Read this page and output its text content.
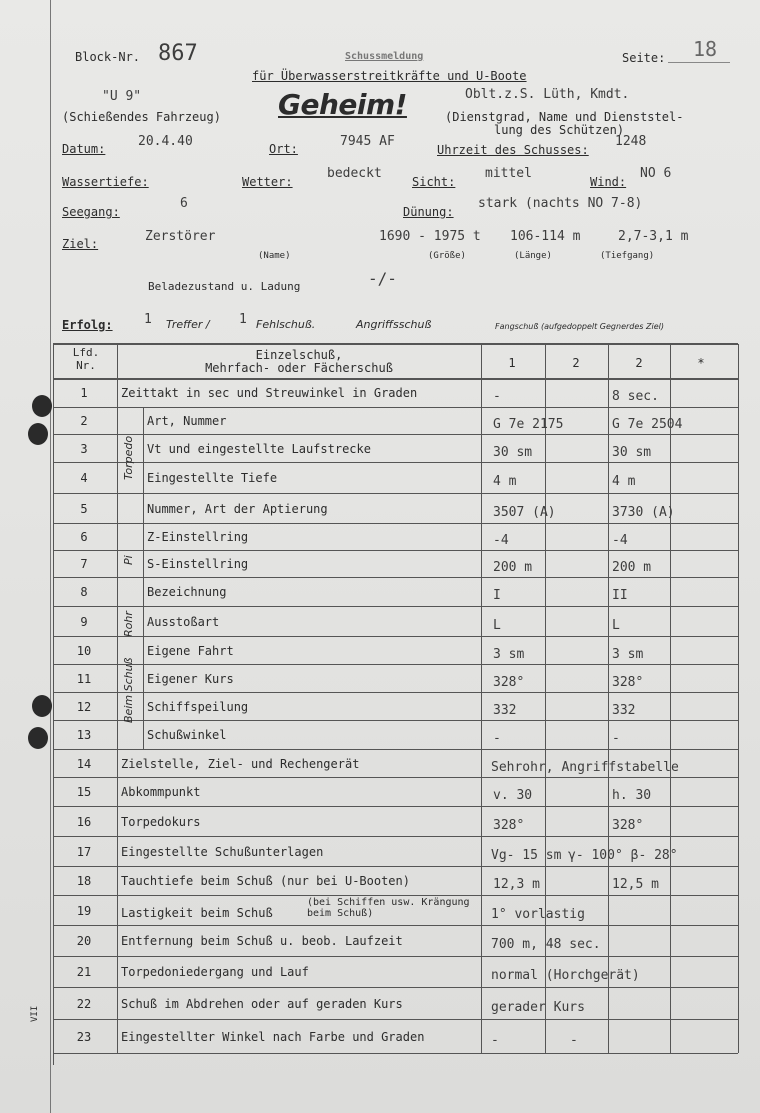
VII
Block-Nr. 867	Schussmeldung
für Überwasserstreitkräfte und U-Boote
Seite: 18
"U 9"
(Schießendes Fahrzeug) Geheim!	Oblt.z.S. Lüth, Kmdt.
(Dienstgrad, Name und Dienststel-
lung des Schützen)
Datum:	20.4.40	Ort:	7945 AF
Uhrzeit des Schusses:
1248
Wassertiefe:	Wetter:
bedeckt
Sicht:
mittel
Wind:
NO 6
Seegang:
6
Dünung:
stark (nachts NO 7-8)
Ziel:	Zerstörer	1690 - 1975 t 106-114 m	2,7-3,1 m
(Name)	(Größe)	(Länge)	(Tiefgang)
Beladezustand u. Ladung	-/-
Erfolg: 1 Treffer / 1 Fehlschuß.	Angriffsschuß	Fangschuß (aufgedoppelt Gegnerdes Ziel)
Lfd. Nr.
Einzelschuß,
Mehrfach- oder Fächerschuß	1	2	2	*
1	Zeittakt in sec und Streuwinkel in Graden	-	8 sec.
2	Art, Nummer	G 7e 2175	G 7e 2504
3	Vt und eingestellte Laufstrecke	30 sm	30 sm
4	Eingestellte Tiefe	4 m	4 m
5	Nummer, Art der Aptierung	3507 (A)	3730 (A)
6	Z-Einstellring	-4	-4
7	S-Einstellring	200 m	200 m
8	Bezeichnung	I	II
9	Ausstoßart	L	L
10	Eigene Fahrt	3 sm	3 sm
11	Eigener Kurs	328°	328°
12	Schiffspeilung	332	332
13	Schußwinkel	-	-
14	Zielstelle, Ziel- und Rechengerät	Sehrohr, Angriffstabelle
15	Abkommpunkt	v. 30	h. 30
16	Torpedokurs	328°	328°
17	Eingestellte Schußunterlagen	Vg- 15 sm γ- 100° β- 28°
18	Tauchtiefe beim Schuß (nur bei U-Booten)	12,3 m	12,5 m
19	Lastigkeit beim Schuß
(bei Schiffen usw. Krängung beim Schuß)	1° vorlastig
20	Entfernung beim Schuß u. beob. Laufzeit	700 m, 48 sec.
21	Torpedoniedergang und Lauf	normal (Horchgerät)
22	Schuß im Abdrehen oder auf geraden Kurs	gerader Kurs
23	Eingestellter Winkel nach Farbe und Graden	-	-
Torpedo
Pi
Rohr
Beim Schuß
